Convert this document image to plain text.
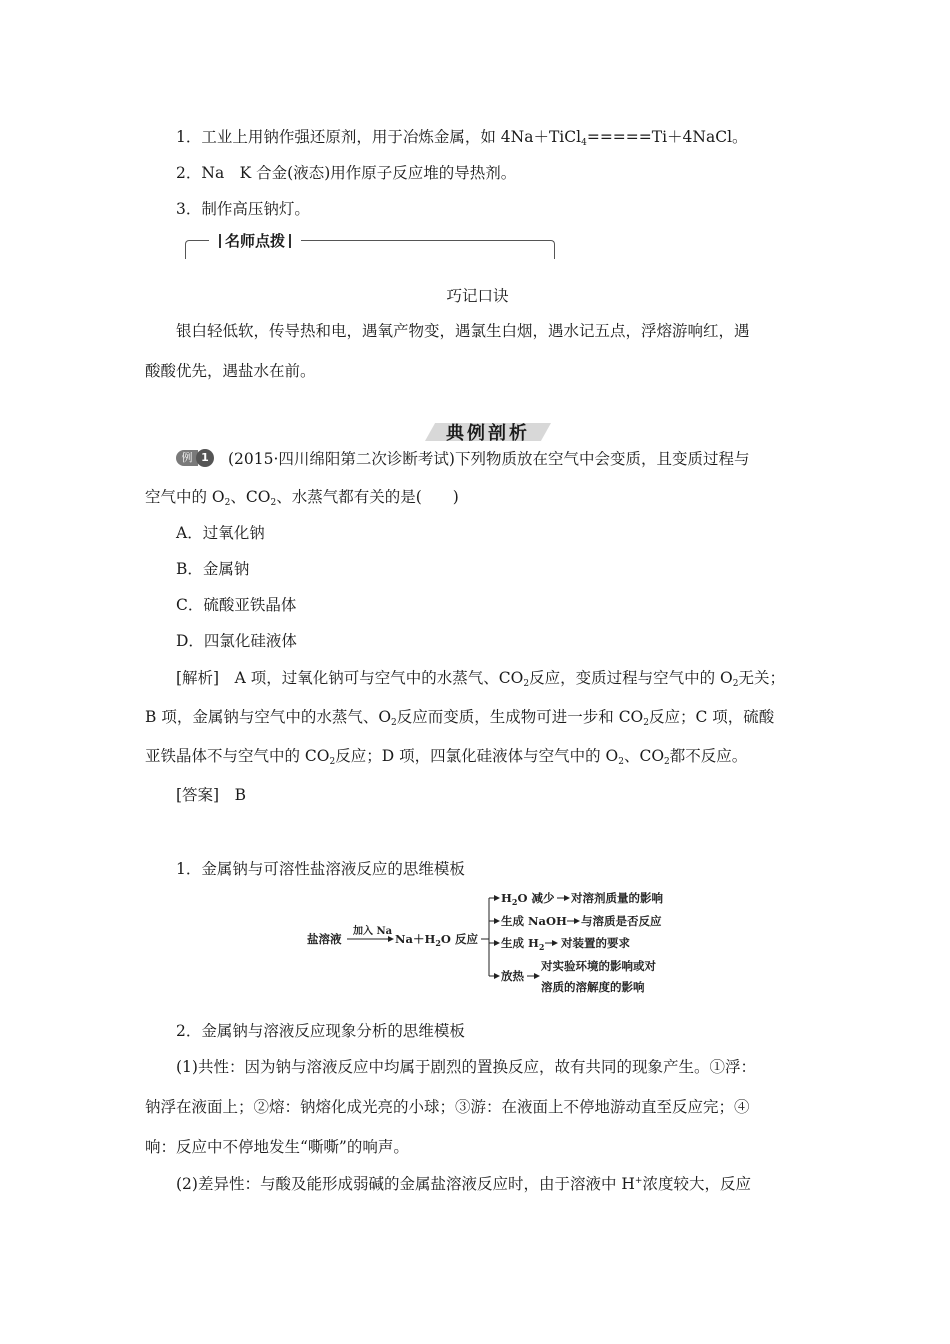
1．工业上用钠作强还原剂，用于冶炼金属，如 4Na＋TiCl$_4$=====Ti＋4NaCl。
2．Na　K 合金(液态)用作原子反应堆的导热剂。
3．制作高压钠灯。
名师点拨
巧记口诀
银白轻低软，传导热和电，遇氧产物变，遇氯生白烟，遇水记五点，浮熔游响红，遇
酸酸优先，遇盐水在前。
典例剖析
例 1	(2015·四川绵阳第二次诊断考试)下列物质放在空气中会变质，且变质过程与
空气中的 $O_2$、$CO_2$、水蒸气都有关的是(　　)
A．过氧化钠
B．金属钠
C．硫酸亚铁晶体
D．四氯化硅液体
[解析]　 A 项，过氧化钠可与空气中的水蒸气、$CO_2$反应，变质过程与空气中的 $O_2$无关；
B 项，金属钠与空气中的水蒸气、$O_2$反应而变质，生成物可进一步和 $CO_2$反应；C 项，硫酸
亚铁晶体不与空气中的 $CO_2$反应；D 项，四氯化硅液体与空气中的 $O_2$、$CO_2$都不反应。
[答案]　 B
1．金属钠与可溶性盐溶液反应的思维模板
盐溶液
加入 Na
$Na+H_2O$ 反应
$H_2O$ 减少 对溶剂质量的影响
生成 NaOH 与溶质是否反应
生成 $H_2$ 对装置的要求
放热
对实验环境的影响或对
溶质的溶解度的影响
2．金属钠与溶液反应现象分析的思维模板
(1)共性：因为钠与溶液反应中均属于剧烈的置换反应，故有共同的现象产生。①浮：
钠浮在液面上；②熔：钠熔化成光亮的小球；③游：在液面上不停地游动直至反应完；④
响：反应中不停地发生“嘶嘶”的响声。
(2)差异性：与酸及能形成弱碱的金属盐溶液反应时，由于溶液中 H+浓度较大，反应
